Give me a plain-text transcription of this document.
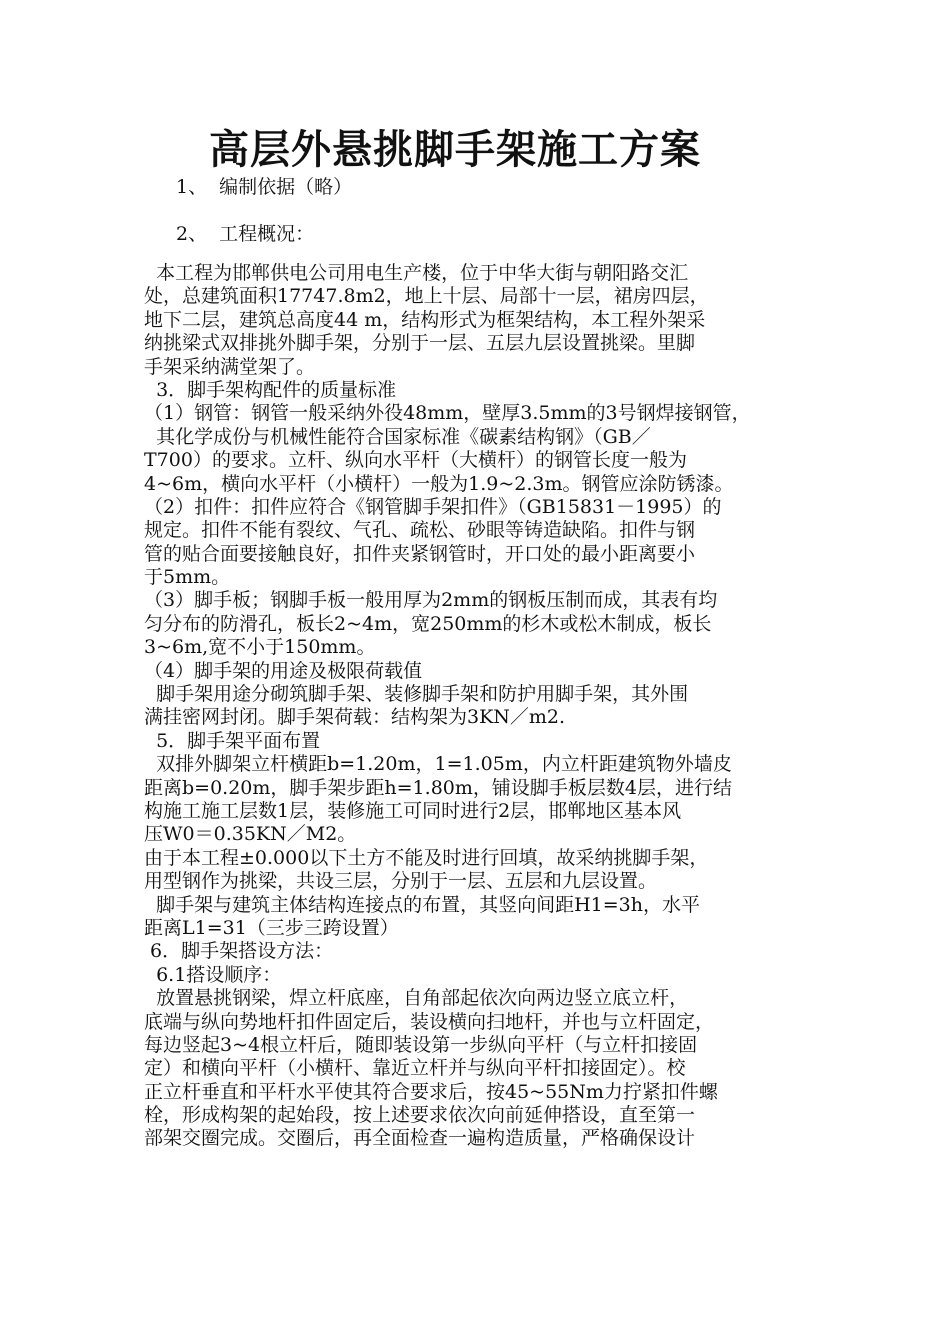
高层外悬挑脚手架施工方案
1、  编制依据（略）
2、  工程概况：
本工程为邯郸供电公司用电生产楼，位于中华大街与朝阳路交汇
处，总建筑面积17747.8m2，地上十层、局部十一层，裙房四层，
地下二层，建筑总高度44 m，结构形式为框架结构，本工程外架采
纳挑梁式双排挑外脚手架，分别于一层、五层九层设置挑梁。里脚
手架采纳满堂架了。
3．脚手架构配件的质量标准
（1）钢管：钢管一般采纳外役48mm，壁厚3.5mm的3号钢焊接钢管，
其化学成份与机械性能符合国家标准《碳素结构钢》（GB／
T700）的要求。立杆、纵向水平杆（大横杆）的钢管长度一般为
4~6m，横向水平杆（小横杆）一般为1.9~2.3m。钢管应涂防锈漆。
（2）扣件：扣件应符合《钢管脚手架扣件》（GB15831－1995）的
规定。扣件不能有裂纹、气孔、疏松、砂眼等铸造缺陷。扣件与钢
管的贴合面要接触良好，扣件夹紧钢管时，开口处的最小距离要小
于5mm。
（3）脚手板；钢脚手板一般用厚为2mm的钢板压制而成，其表有均
匀分布的防滑孔，板长2~4m，宽250mm的杉木或松木制成，板长
3~6m,宽不小于150mm。
（4）脚手架的用途及极限荷载值
脚手架用途分砌筑脚手架、装修脚手架和防护用脚手架，其外围
满挂密网封闭。脚手架荷载：结构架为3KN／m2.
5．脚手架平面布置
双排外脚架立杆横距b=1.20m，1=1.05m，内立杆距建筑物外墙皮
距离b=0.20m，脚手架步距h=1.80m，铺设脚手板层数4层，进行结
构施工施工层数1层，装修施工可同时进行2层，邯郸地区基本风
压W0＝0.35KN／M2。
由于本工程±0.000以下土方不能及时进行回填，故采纳挑脚手架，
用型钢作为挑梁，共设三层，分别于一层、五层和九层设置。
脚手架与建筑主体结构连接点的布置，其竖向间距H1=3h，水平
距离L1=31（三步三跨设置）
6．脚手架搭设方法：
6.1搭设顺序：
放置悬挑钢梁，焊立杆底座，自角部起依次向两边竖立底立杆，
底端与纵向势地杆扣件固定后，装设横向扫地杆，并也与立杆固定，
每边竖起3~4根立杆后，随即装设第一步纵向平杆（与立杆扣接固
定）和横向平杆（小横杆、靠近立杆并与纵向平杆扣接固定）。校
正立杆垂直和平杆水平使其符合要求后，按45~55Nm力拧紧扣件螺
栓，形成构架的起始段，按上述要求依次向前延伸搭设，直至第一
部架交圈完成。交圈后，再全面检查一遍构造质量，严格确保设计
